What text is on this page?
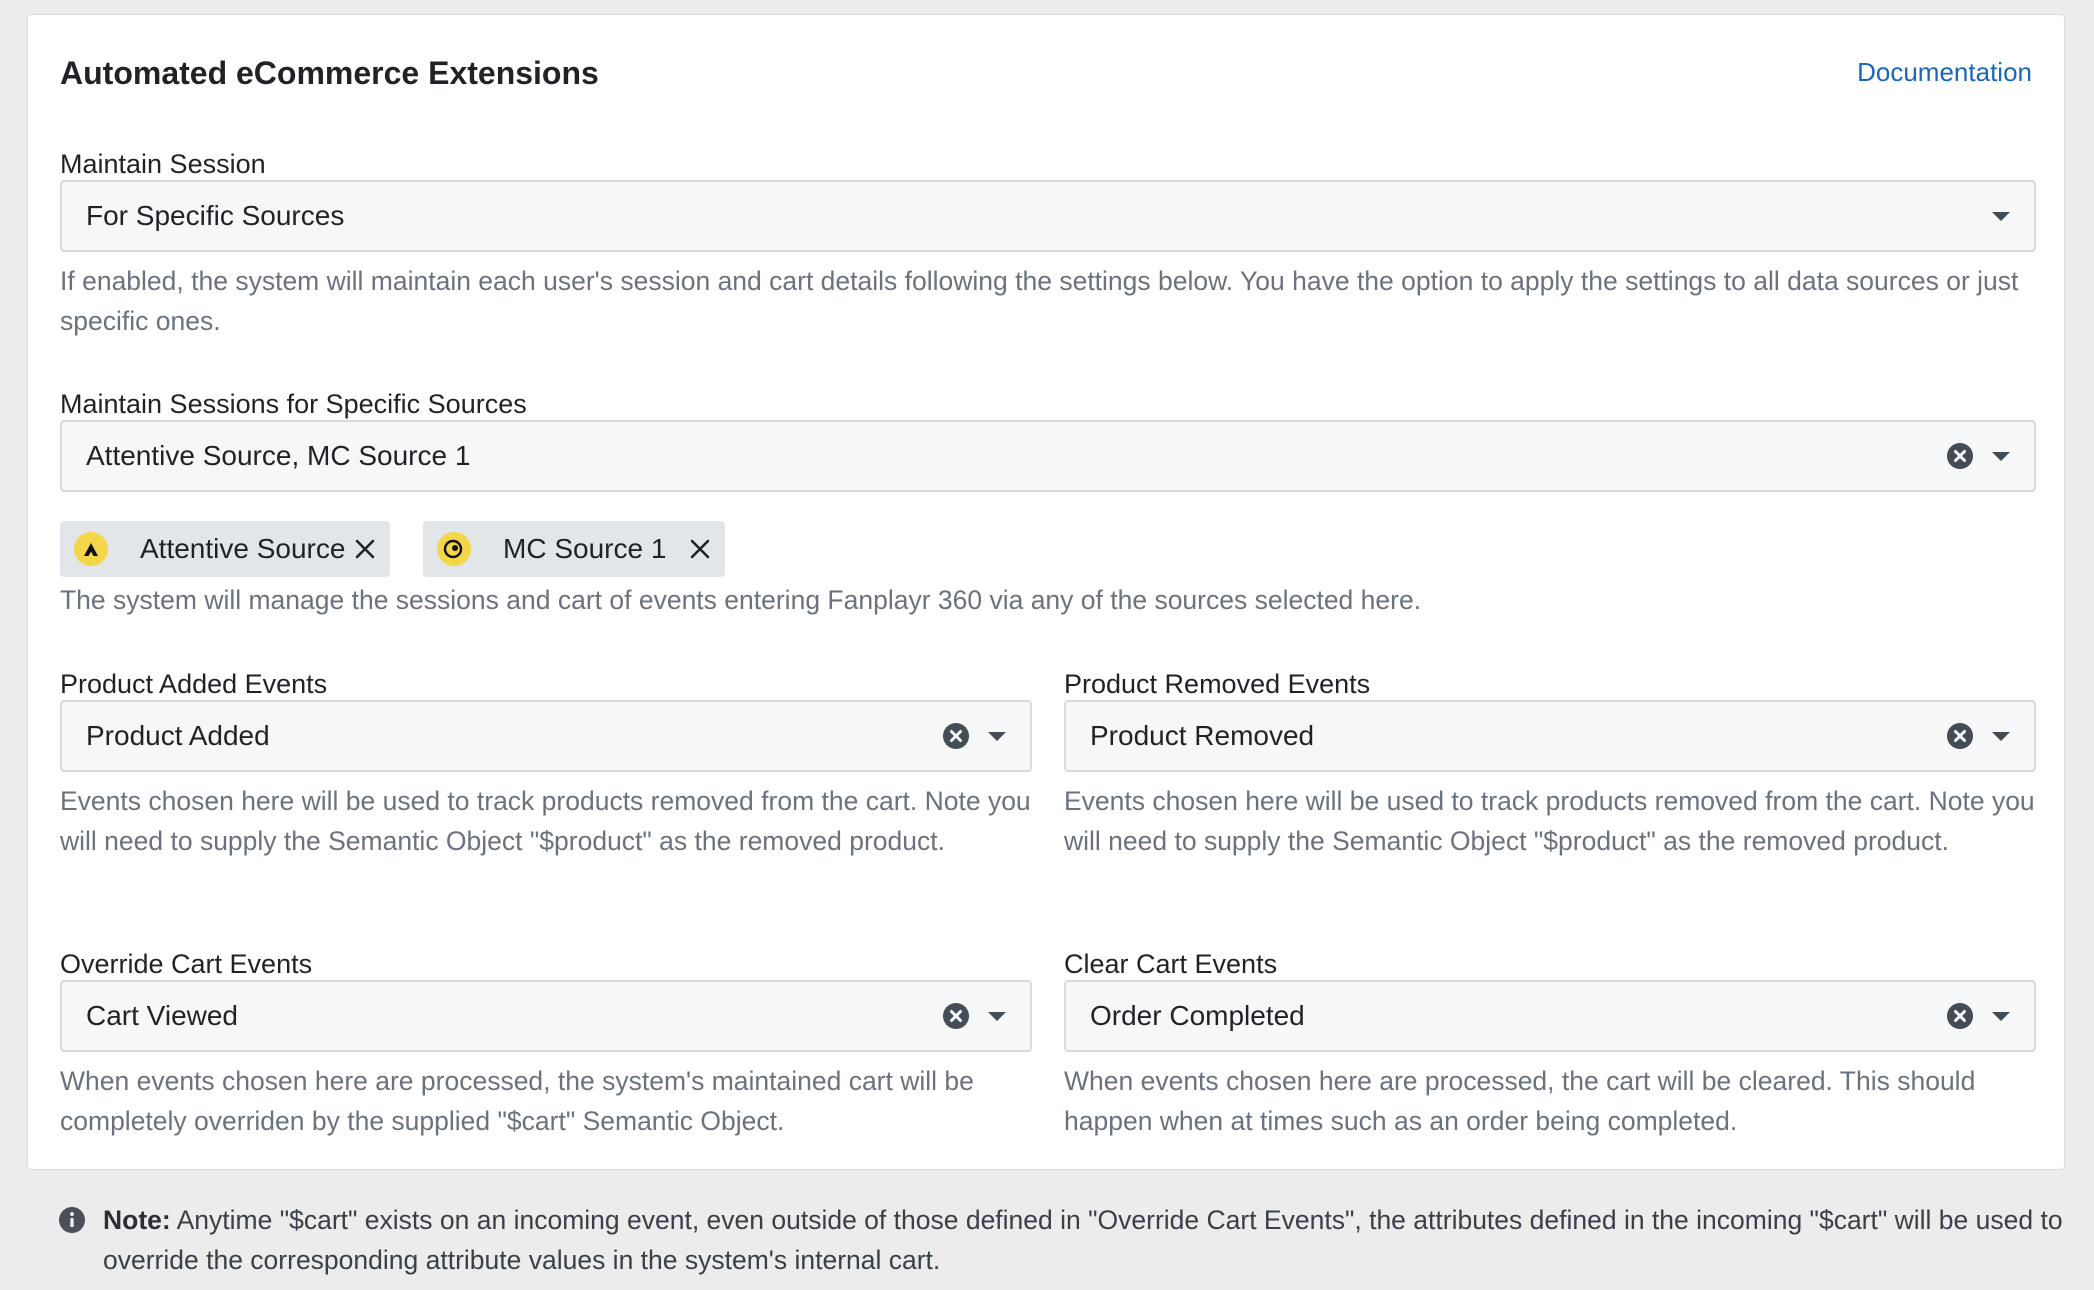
Automated eCommerce Extensions	Documentation
Maintain Session
For Specific Sources

If enabled, the system will maintain each user's session and cart details following the settings below. You have the option to apply the settings to all data sources or just specific ones.

Maintain Sessions for Specific Sources
Attentive Source, MC Source 1
Attentive Source	MC Source 1

The system will manage the sessions and cart of events entering Fanplayr 360 via any of the sources selected here.

Product Added Events
Product Added

Events chosen here will be used to track products removed from the cart. Note you will need to supply the Semantic Object "$product" as the removed product.

Product Removed Events
Product Removed

Events chosen here will be used to track products removed from the cart. Note you will need to supply the Semantic Object "$product" as the removed product.

Override Cart Events
Cart Viewed

When events chosen here are processed, the system's maintained cart will be completely overriden by the supplied "$cart" Semantic Object.

Clear Cart Events
Order Completed

When events chosen here are processed, the cart will be cleared. This should happen when at times such as an order being completed.

Note: Anytime "$cart" exists on an incoming event, even outside of those defined in "Override Cart Events", the attributes defined in the incoming "$cart" will be used to override the corresponding attribute values in the system's internal cart.
